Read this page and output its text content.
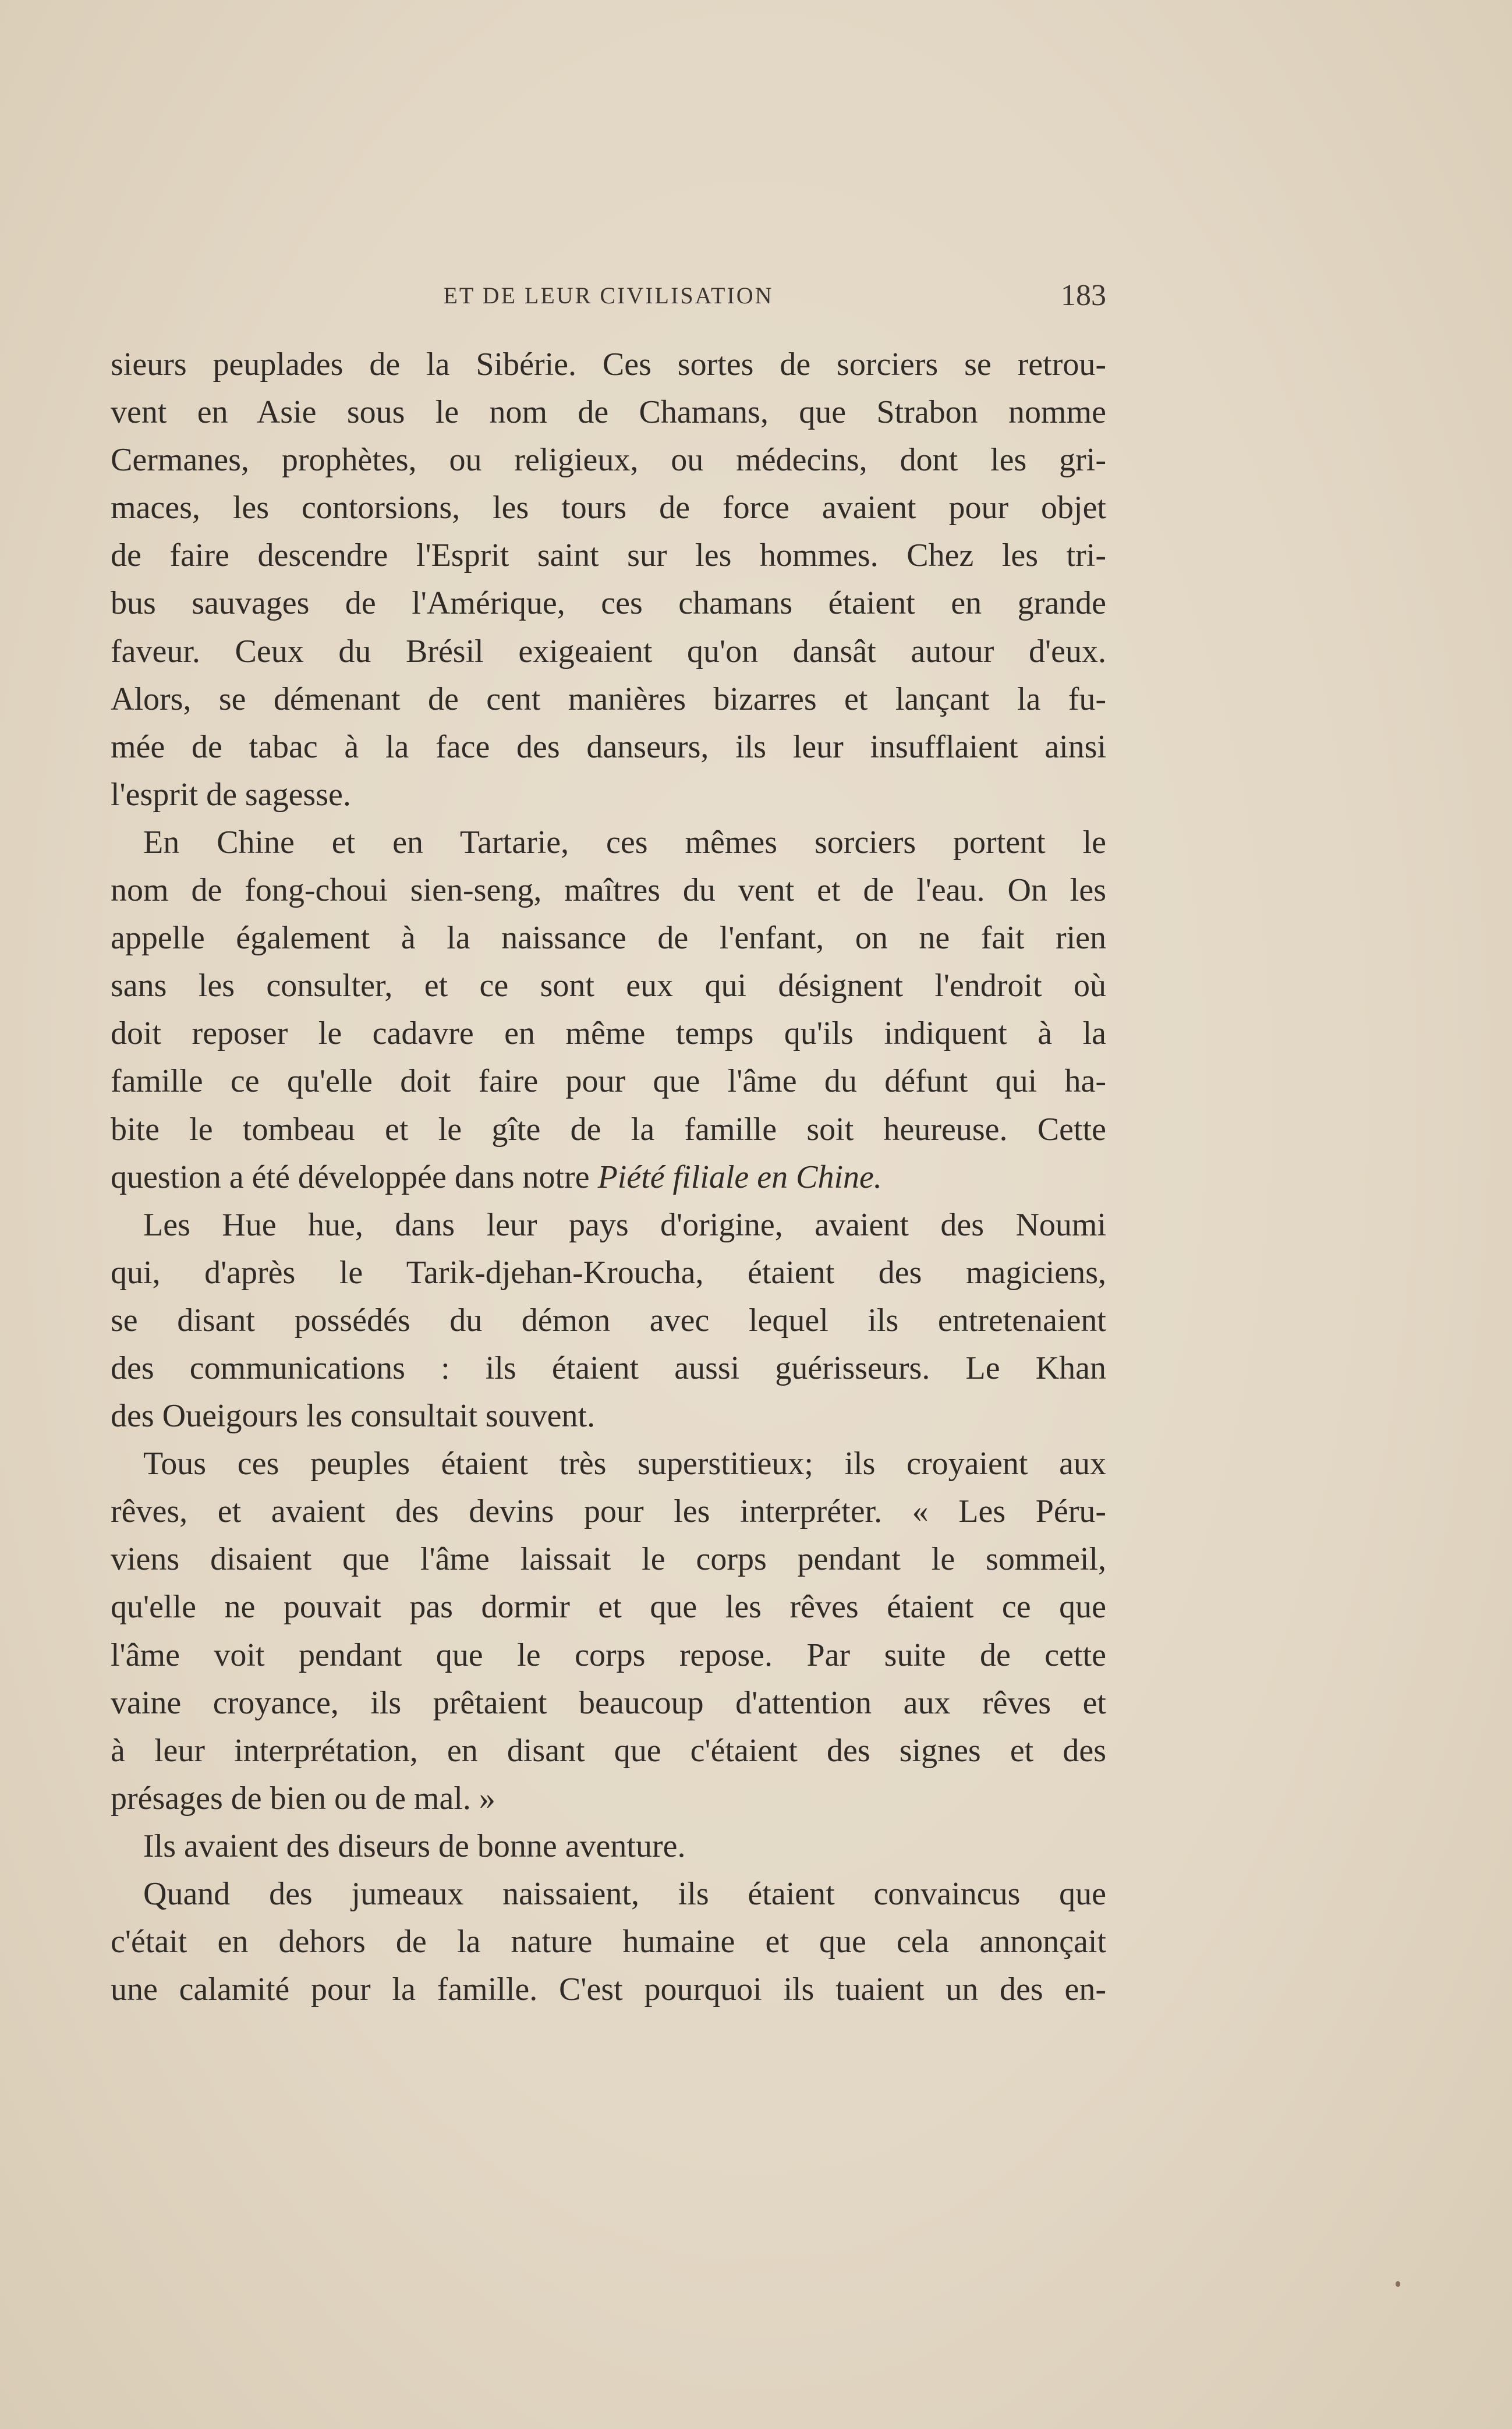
ET DE LEUR CIVILISATION	183
sieurs peuplades de la Sibérie. Ces sortes de sorciers se retrou-
vent en Asie sous le nom de Chamans, que Strabon nomme
Cermanes, prophètes, ou religieux, ou médecins, dont les gri-
maces, les contorsions, les tours de force avaient pour objet
de faire descendre l'Esprit saint sur les hommes. Chez les tri-
bus sauvages de l'Amérique, ces chamans étaient en grande
faveur. Ceux du Brésil exigeaient qu'on dansât autour d'eux.
Alors, se démenant de cent manières bizarres et lançant la fu-
mée de tabac à la face des danseurs, ils leur insufflaient ainsi
l'esprit de sagesse.
En Chine et en Tartarie, ces mêmes sorciers portent le
nom de fong-choui sien-seng, maîtres du vent et de l'eau. On les
appelle également à la naissance de l'enfant, on ne fait rien
sans les consulter, et ce sont eux qui désignent l'endroit où
doit reposer le cadavre en même temps qu'ils indiquent à la
famille ce qu'elle doit faire pour que l'âme du défunt qui ha-
bite le tombeau et le gîte de la famille soit heureuse. Cette
question a été développée dans notre Piété filiale en Chine.
Les Hue hue, dans leur pays d'origine, avaient des Noumi
qui, d'après le Tarik-djehan-Kroucha, étaient des magiciens,
se disant possédés du démon avec lequel ils entretenaient
des communications : ils étaient aussi guérisseurs. Le Khan
des Oueigours les consultait souvent.
Tous ces peuples étaient très superstitieux; ils croyaient aux
rêves, et avaient des devins pour les interpréter. « Les Péru-
viens disaient que l'âme laissait le corps pendant le sommeil,
qu'elle ne pouvait pas dormir et que les rêves étaient ce que
l'âme voit pendant que le corps repose. Par suite de cette
vaine croyance, ils prêtaient beaucoup d'attention aux rêves et
à leur interprétation, en disant que c'étaient des signes et des
présages de bien ou de mal. »
Ils avaient des diseurs de bonne aventure.
Quand des jumeaux naissaient, ils étaient convaincus que
c'était en dehors de la nature humaine et que cela annonçait
une calamité pour la famille. C'est pourquoi ils tuaient un des en-
